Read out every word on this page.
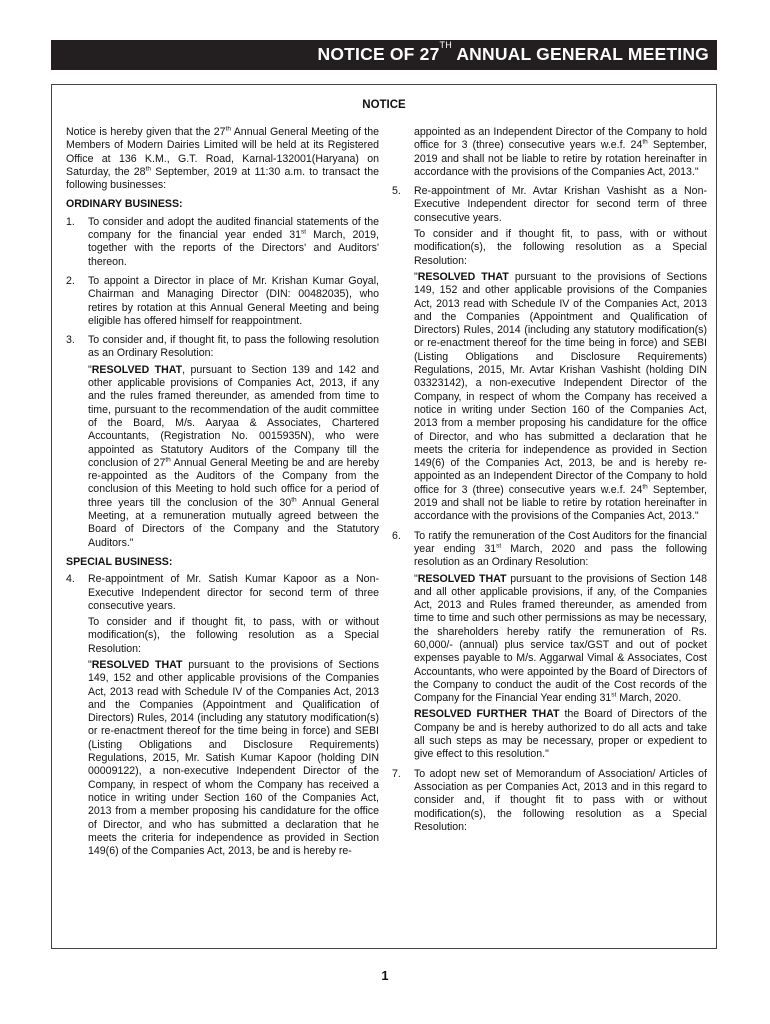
NOTICE OF 27TH ANNUAL GENERAL MEETING
NOTICE

Notice is hereby given that the 27th Annual General Meeting of the Members of Modern Dairies Limited will be held at its Registered Office at 136 K.M., G.T. Road, Karnal-132001(Haryana) on Saturday, the 28th September, 2019 at 11:30 a.m. to transact the following businesses:

ORDINARY BUSINESS:
1. To consider and adopt the audited financial statements of the company for the financial year ended 31st March, 2019, together with the reports of the Directors' and Auditors' thereon.
2. To appoint a Director in place of Mr. Krishan Kumar Goyal, Chairman and Managing Director (DIN: 00482035), who retires by rotation at this Annual General Meeting and being eligible has offered himself for reappointment.
3. To consider and, if thought fit, to pass the following resolution as an Ordinary Resolution:
"RESOLVED THAT, pursuant to Section 139 and 142 and other applicable provisions of Companies Act, 2013, if any and the rules framed thereunder, as amended from time to time, pursuant to the recommendation of the audit committee of the Board, M/s. Aaryaa & Associates, Chartered Accountants, (Registration No. 0015935N), who were appointed as Statutory Auditors of the Company till the conclusion of 27th Annual General Meeting be and are hereby re-appointed as the Auditors of the Company from the conclusion of this Meeting to hold such office for a period of three years till the conclusion of the 30th Annual General Meeting, at a remuneration mutually agreed between the Board of Directors of the Company and the Statutory Auditors."
SPECIAL BUSINESS:
4. Re-appointment of Mr. Satish Kumar Kapoor as a Non-Executive Independent director for second term of three consecutive years.
To consider and if thought fit, to pass, with or without modification(s), the following resolution as a Special Resolution:
"RESOLVED THAT pursuant to the provisions of Sections 149, 152 and other applicable provisions of the Companies Act, 2013 read with Schedule IV of the Companies Act, 2013 and the Companies (Appointment and Qualification of Directors) Rules, 2014 (including any statutory modification(s) or re-enactment thereof for the time being in force) and SEBI (Listing Obligations and Disclosure Requirements) Regulations, 2015, Mr. Satish Kumar Kapoor (holding DIN 00009122), a non-executive Independent Director of the Company, in respect of whom the Company has received a notice in writing under Section 160 of the Companies Act, 2013 from a member proposing his candidature for the office of Director, and who has submitted a declaration that he meets the criteria for independence as provided in Section 149(6) of the Companies Act, 2013, be and is hereby re-
appointed as an Independent Director of the Company to hold office for 3 (three) consecutive years w.e.f. 24th September, 2019 and shall not be liable to retire by rotation hereinafter in accordance with the provisions of the Companies Act, 2013."
5. Re-appointment of Mr. Avtar Krishan Vashisht as a Non-Executive Independent director for second term of three consecutive years.
To consider and if thought fit, to pass, with or without modification(s), the following resolution as a Special Resolution:
"RESOLVED THAT pursuant to the provisions of Sections 149, 152 and other applicable provisions of the Companies Act, 2013 read with Schedule IV of the Companies Act, 2013 and the Companies (Appointment and Qualification of Directors) Rules, 2014 (including any statutory modification(s) or re-enactment thereof for the time being in force) and SEBI (Listing Obligations and Disclosure Requirements) Regulations, 2015, Mr. Avtar Krishan Vashisht (holding DIN 03323142), a non-executive Independent Director of the Company, in respect of whom the Company has received a notice in writing under Section 160 of the Companies Act, 2013 from a member proposing his candidature for the office of Director, and who has submitted a declaration that he meets the criteria for independence as provided in Section 149(6) of the Companies Act, 2013, be and is hereby re- appointed as an Independent Director of the Company to hold office for 3 (three) consecutive years w.e.f. 24th September, 2019 and shall not be liable to retire by rotation hereinafter in accordance with the provisions of the Companies Act, 2013."
6. To ratify the remuneration of the Cost Auditors for the financial year ending 31st March, 2020 and pass the following resolution as an Ordinary Resolution:
"RESOLVED THAT pursuant to the provisions of Section 148 and all other applicable provisions, if any, of the Companies Act, 2013 and Rules framed thereunder, as amended from time to time and such other permissions as may be necessary, the shareholders hereby ratify the remuneration of Rs. 60,000/- (annual) plus service tax/GST and out of pocket expenses payable to M/s. Aggarwal Vimal & Associates, Cost Accountants, who were appointed by the Board of Directors of the Company to conduct the audit of the Cost records of the Company for the Financial Year ending 31st March, 2020.
RESOLVED FURTHER THAT the Board of Directors of the Company be and is hereby authorized to do all acts and take all such steps as may be necessary, proper or expedient to give effect to this resolution."
7. To adopt new set of Memorandum of Association/ Articles of Association as per Companies Act, 2013 and in this regard to consider and, if thought fit to pass with or without modification(s), the following resolution as a Special Resolution:
1
